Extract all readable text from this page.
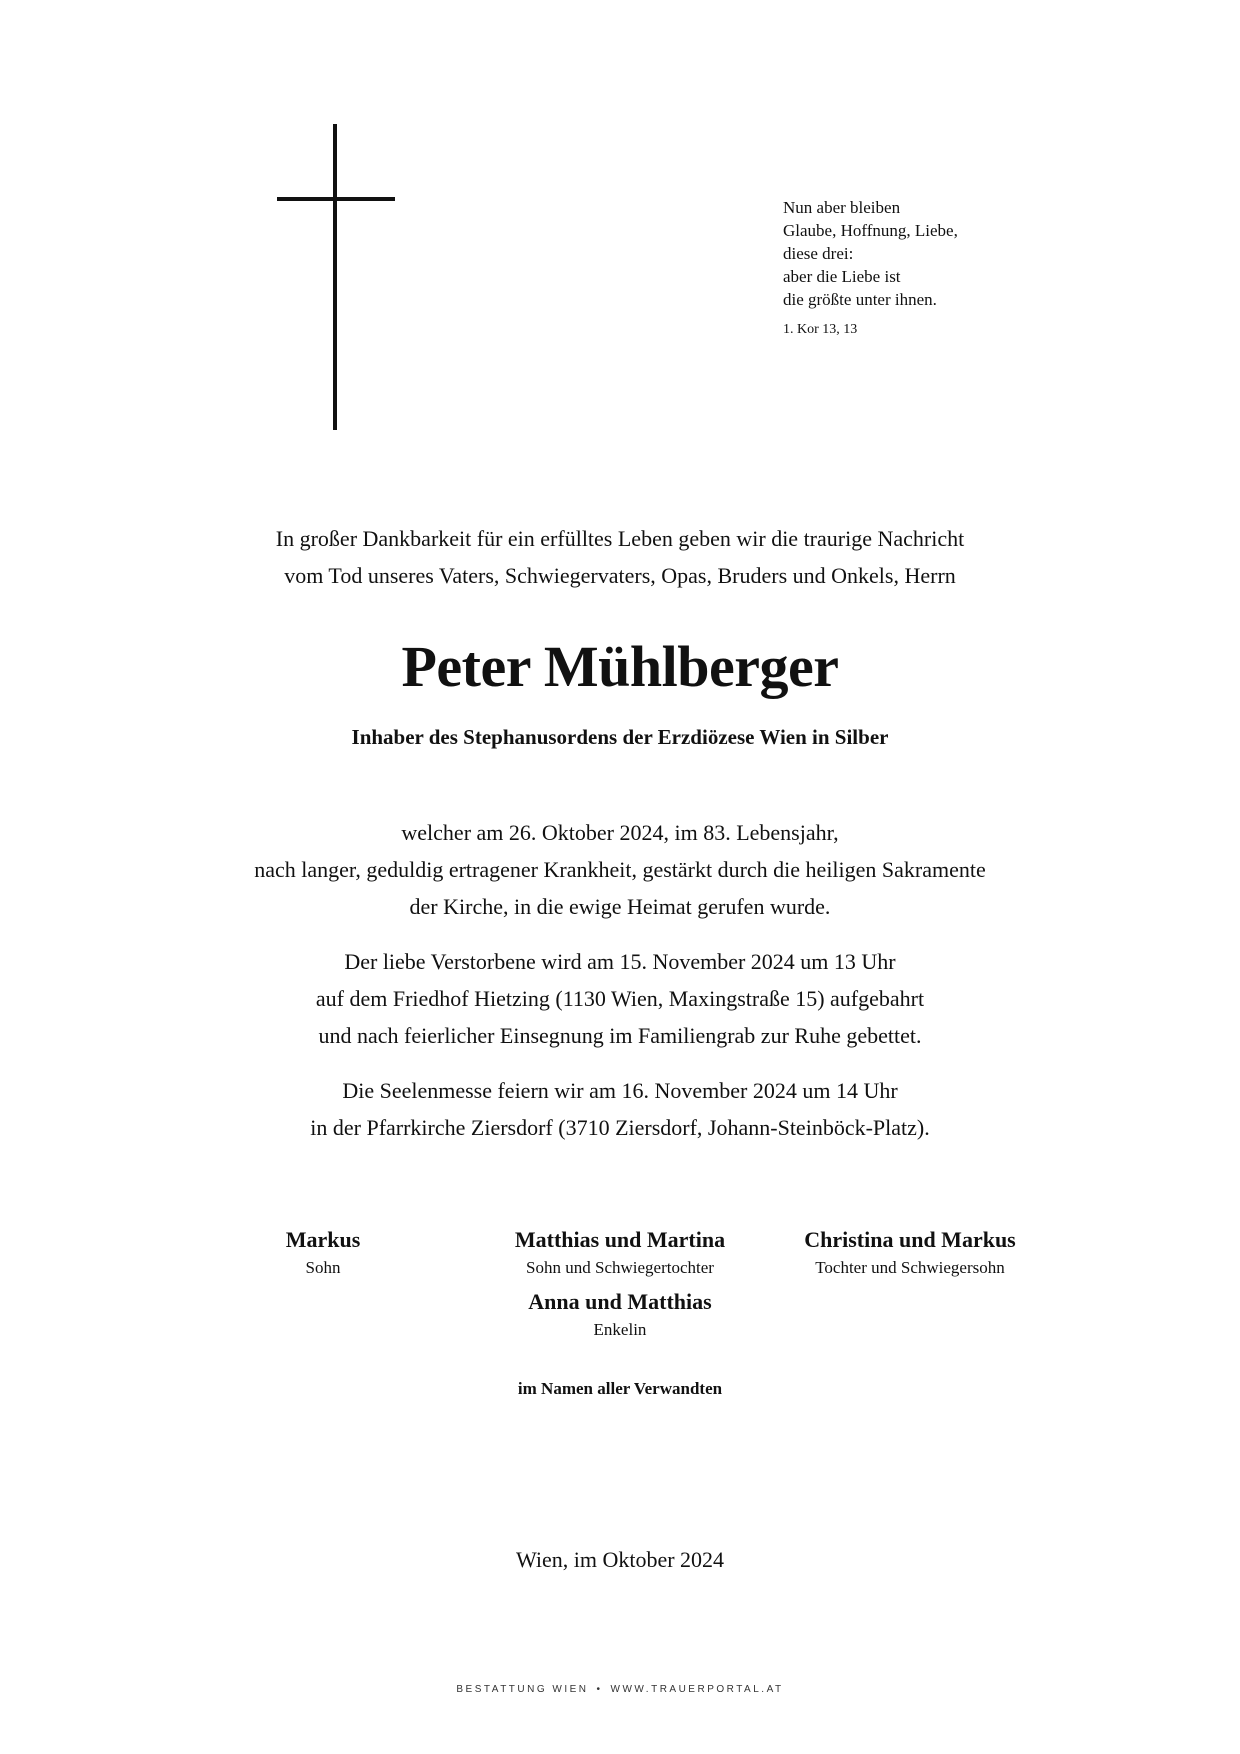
Nun aber bleiben
Glaube, Hoffnung, Liebe,
diese drei:
aber die Liebe ist
die größte unter ihnen.
1. Kor 13, 13
In großer Dankbarkeit für ein erfülltes Leben geben wir die traurige Nachricht
vom Tod unseres Vaters, Schwiegervaters, Opas, Bruders und Onkels, Herrn
Peter Mühlberger
Inhaber des Stephanusordens der Erzdiözese Wien in Silber
welcher am 26. Oktober 2024, im 83. Lebensjahr,
nach langer, geduldig ertragener Krankheit, gestärkt durch die heiligen Sakramente
der Kirche, in die ewige Heimat gerufen wurde.
Der liebe Verstorbene wird am 15. November 2024 um 13 Uhr
auf dem Friedhof Hietzing (1130 Wien, Maxingstraße 15) aufgebahrt
und nach feierlicher Einsegnung im Familiengrab zur Ruhe gebettet.
Die Seelenmesse feiern wir am 16. November 2024 um 14 Uhr
in der Pfarrkirche Ziersdorf (3710 Ziersdorf, Johann-Steinböck-Platz).
Markus
Sohn
Matthias und Martina
Sohn und Schwiegertochter
Christina und Markus
Tochter und Schwiegersohn
Anna und Matthias
Enkelin
im Namen aller Verwandten
Wien, im Oktober 2024
BESTATTUNG WIEN • WWW.TRAUERPORTAL.AT
